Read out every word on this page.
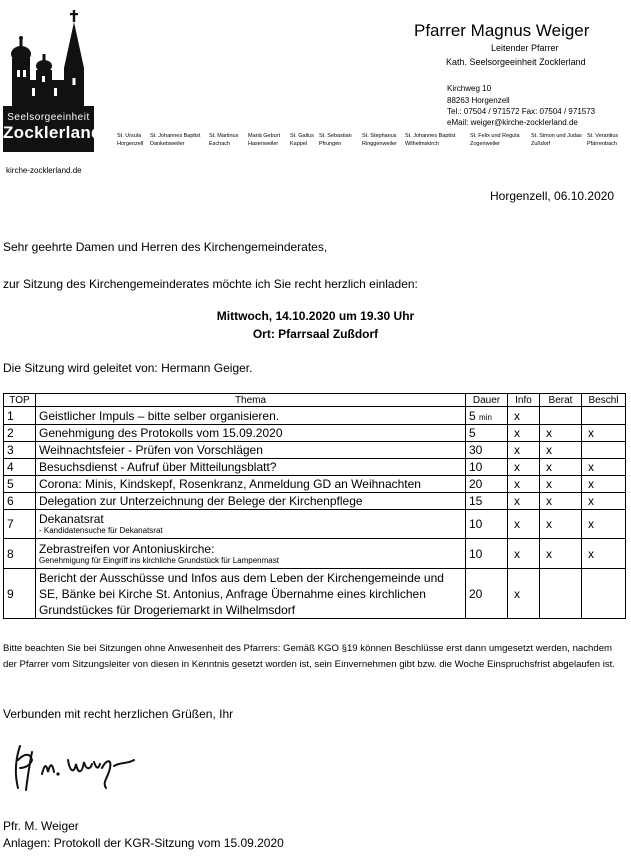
Seelsorgeeinheit
Zocklerland
kirche-zocklerland.de
Pfarrer Magnus Weiger
Leitender Pfarrer
Kath. Seelsorgeeinheit Zocklerland
Kirchweg 10
88263 Horgenzell
Tel.: 07504 / 971572 Fax: 07504 / 971573
eMail: weiger@kirche-zocklerland.de
St. Ursula
Horgenzell
St. Johannes Baptist
Danketsweiler
St. Martinus
Eschach
Mariä Geburt
Hasenweiler
St. Gallus
Kappel
St. Sebastian
Pfrungen
St. Stephanus
Ringgenweiler
St. Johannes Baptist
Wilhelmskirch
St. Felix und Regula
Zogenweiler
St. Simon und Judas
Zußdorf
St. Verantius
Pfärrenbach
Horgenzell, 06.10.2020
Sehr geehrte Damen und Herren des Kirchengemeinderates,
zur Sitzung des Kirchengemeinderates möchte ich Sie recht herzlich einladen:
Mittwoch, 14.10.2020 um 19.30 Uhr
Ort: Pfarrsaal Zußdorf
Die Sitzung wird geleitet von: Hermann Geiger.
TOP	Thema	Dauer	Info	Berat	Beschl
1	Geistlicher Impuls – bitte selber organisieren.	5 min	x		
2	Genehmigung des Protokolls vom 15.09.2020	5	x	x	x
3	Weihnachtsfeier - Prüfen von Vorschlägen	30	x	x	
4	Besuchsdienst - Aufruf über Mitteilungsblatt?	10	x	x	x
5	Corona: Minis, Kindskepf, Rosenkranz, Anmeldung GD an Weihnachten	20	x	x	x
6	Delegation zur Unterzeichnung der Belege der Kirchenpflege	15	x	x	x
7	Dekanatsrat
- Kandidatensuche für Dekanatsrat	10	x	x	x
8	Zebrastreifen vor Antoniuskirche:
Genehmigung für Eingriff ins kirchliche Grundstück für Lampenmast	10	x	x	x
9	Bericht der Ausschüsse und Infos aus dem Leben der Kirchengemeinde und SE, Bänke bei Kirche St. Antonius, Anfrage Übernahme eines kirchlichen Grundstückes für Drogeriemarkt in Wilhelmsdorf	20	x		
Bitte beachten Sie bei Sitzungen ohne Anwesenheit des Pfarrers: Gemäß KGO §19 können Beschlüsse erst dann umgesetzt werden, nachdem der Pfarrer vom Sitzungsleiter von diesen in Kenntnis gesetzt worden ist, sein Einvernehmen gibt bzw. die Woche Einspruchsfrist abgelaufen ist.
Verbunden mit recht herzlichen Grüßen, Ihr
Pfr. M. Weiger
Anlagen: Protokoll der KGR-Sitzung vom 15.09.2020
